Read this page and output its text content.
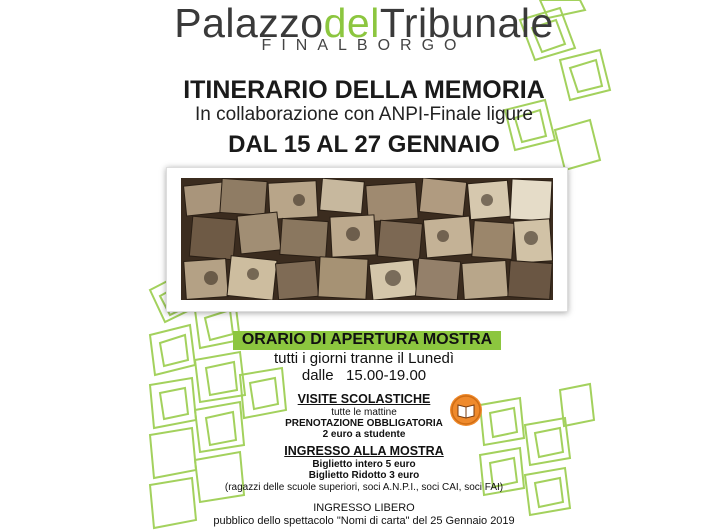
PalazzodelTribunale
FINALBORGO
ITINERARIO DELLA MEMORIA
In collaborazione con ANPI-Finale ligure
DAL 15 AL 27 GENNAIO
ORARIO DI APERTURA MOSTRA
tutti i giorni tranne il Lunedì
dalle   15.00-19.00
VISITE SCOLASTICHE
tutte le mattine
PRENOTAZIONE OBBLIGATORIA
2 euro a studente
INGRESSO ALLA MOSTRA
Biglietto intero 5 euro
Biglietto Ridotto 3 euro
(ragazzi delle scuole superiori, soci A.N.P.I., soci CAI, soci FAI)
INGRESSO LIBERO
pubblico dello spettacolo "Nomi di carta" del 25 Gennaio 2019
